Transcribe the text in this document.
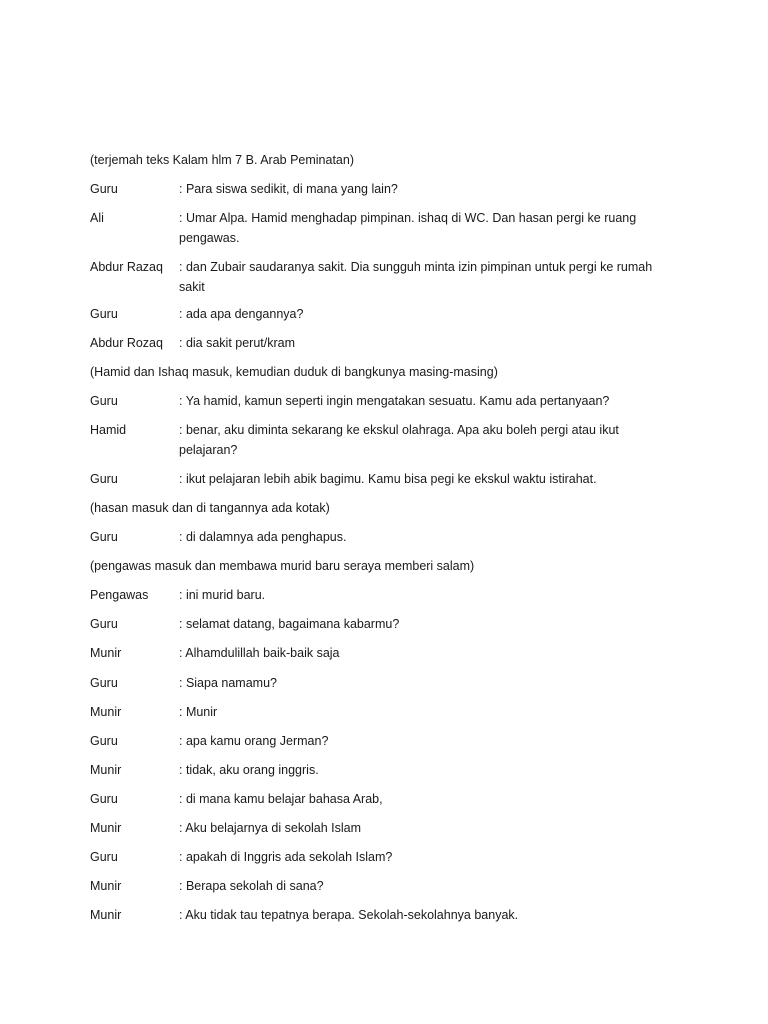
(terjemah teks Kalam hlm 7 B. Arab Peminatan)
Guru	: Para siswa sedikit, di mana yang lain?
Ali	: Umar Alpa. Hamid menghadap pimpinan. ishaq di WC. Dan hasan pergi ke ruang pengawas.
Abdur Razaq	: dan Zubair saudaranya sakit. Dia sungguh minta izin pimpinan untuk pergi ke rumah sakit
Guru	: ada apa dengannya?
Abdur Rozaq	: dia sakit perut/kram
(Hamid dan Ishaq masuk, kemudian duduk di bangkunya masing-masing)
Guru	: Ya hamid, kamun seperti ingin mengatakan sesuatu. Kamu ada pertanyaan?
Hamid	: benar, aku diminta sekarang ke ekskul olahraga. Apa aku boleh pergi atau ikut pelajaran?
Guru	: ikut pelajaran lebih abik bagimu. Kamu bisa pegi ke ekskul waktu istirahat.
(hasan masuk dan di tangannya ada kotak)
Guru	: di dalamnya ada penghapus.
(pengawas masuk dan membawa murid baru seraya memberi salam)
Pengawas	: ini murid baru.
Guru	: selamat datang, bagaimana kabarmu?
Munir	: Alhamdulillah baik-baik saja
Guru	: Siapa namamu?
Munir	: Munir
Guru	: apa kamu orang Jerman?
Munir	: tidak, aku orang inggris.
Guru	: di mana kamu belajar bahasa Arab,
Munir	: Aku belajarnya di sekolah Islam
Guru	: apakah di Inggris ada sekolah Islam?
Munir	: Berapa sekolah di sana?
Munir	: Aku tidak tau tepatnya berapa. Sekolah-sekolahnya banyak.
